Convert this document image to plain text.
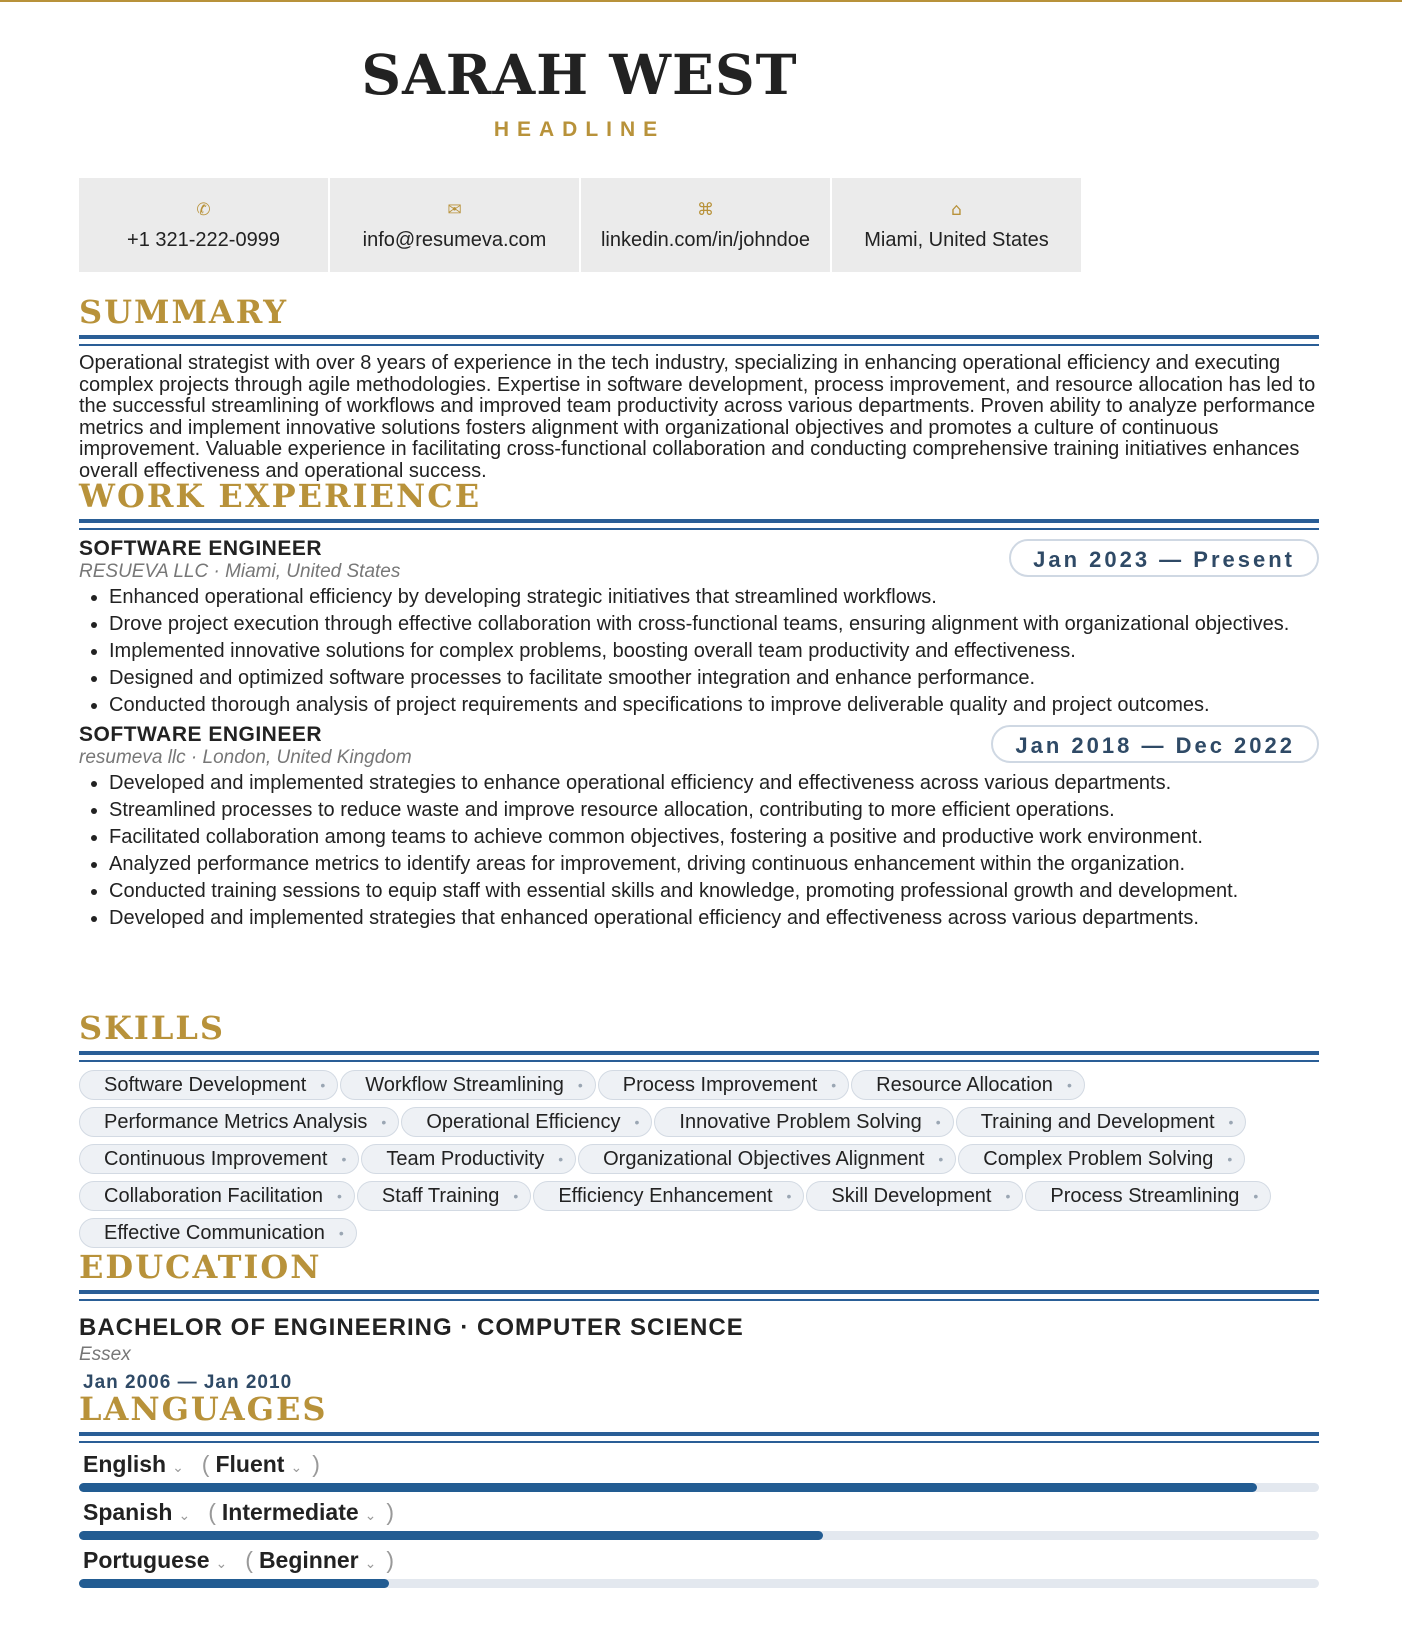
SARAH WEST
HEADLINE
✆
+1 321-222-0999
✉
info@resumeva.com
⌘
linkedin.com/in/johndoe
⌂
Miami, United States
SUMMARY
Operational strategist with over 8 years of experience in the tech industry, specializing in enhancing operational efficiency and executing complex projects through agile methodologies. Expertise in software development, process improvement, and resource allocation has led to the successful streamlining of workflows and improved team productivity across various departments. Proven ability to analyze performance metrics and implement innovative solutions fosters alignment with organizational objectives and promotes a culture of continuous improvement. Valuable experience in facilitating cross-functional collaboration and conducting comprehensive training initiatives enhances overall effectiveness and operational success.
WORK EXPERIENCE
SOFTWARE ENGINEER
RESUEVA LLC · Miami, United States	Jan 2023 — Present
• Enhanced operational efficiency by developing strategic initiatives that streamlined workflows.
• Drove project execution through effective collaboration with cross-functional teams, ensuring alignment with organizational objectives.
• Implemented innovative solutions for complex problems, boosting overall team productivity and effectiveness.
• Designed and optimized software processes to facilitate smoother integration and enhance performance.
• Conducted thorough analysis of project requirements and specifications to improve deliverable quality and project outcomes.
SOFTWARE ENGINEER
resumeva llc · London, United Kingdom	Jan 2018 — Dec 2022
• Developed and implemented strategies to enhance operational efficiency and effectiveness across various departments.
• Streamlined processes to reduce waste and improve resource allocation, contributing to more efficient operations.
• Facilitated collaboration among teams to achieve common objectives, fostering a positive and productive work environment.
• Analyzed performance metrics to identify areas for improvement, driving continuous enhancement within the organization.
• Conducted training sessions to equip staff with essential skills and knowledge, promoting professional growth and development.
• Developed and implemented strategies that enhanced operational efficiency and effectiveness across various departments.
SKILLS
Software Development • Workflow Streamlining • Process Improvement • Resource Allocation •
Performance Metrics Analysis • Operational Efficiency • Innovative Problem Solving • Training and Development •
Continuous Improvement • Team Productivity • Organizational Objectives Alignment • Complex Problem Solving •
Collaboration Facilitation • Staff Training • Efficiency Enhancement • Skill Development • Process Streamlining •
Effective Communication •
EDUCATION
BACHELOR OF ENGINEERING · COMPUTER SCIENCE
Essex
Jan 2006 — Jan 2010
LANGUAGES
English ⌄ ( Fluent ⌄ )
Spanish ⌄ ( Intermediate ⌄ )
Portuguese ⌄ ( Beginner ⌄ )
